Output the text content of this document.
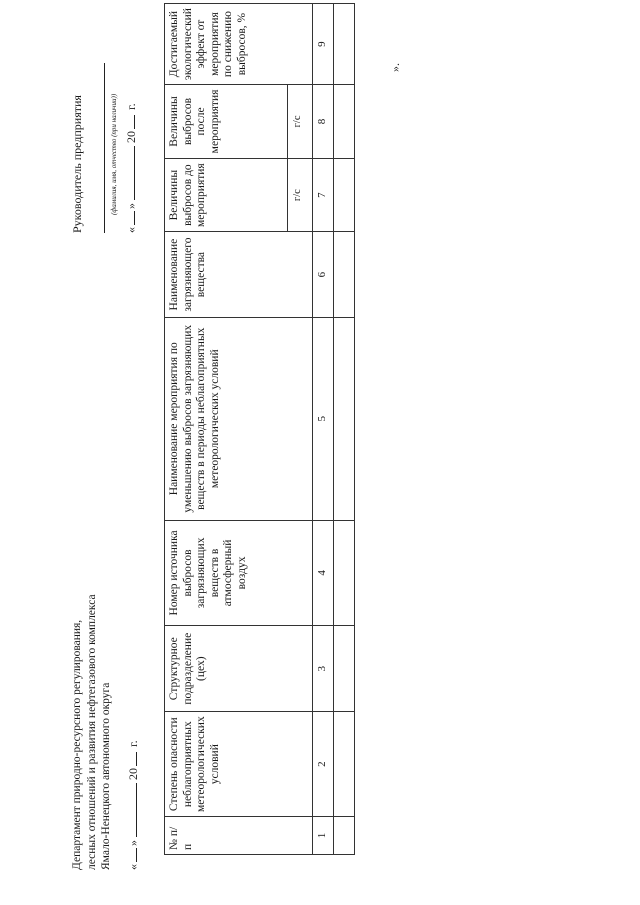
Департамент природно-ресурсного регулирования, лесных отношений и развития нефтегазового комплекса Ямало-Ненецкого автономного округа «»20 г.
Руководитель предприятия	(фамилия, имя, отчество (при наличии))
«»20 г.
№ п/п	Степень опасности неблагоприятных метеорологических условий	Структурное подразделение (цех)	Номер источника выбросов загрязняющих веществ в атмосферный воздух	Наименование мероприятия по уменьшению выбросов загрязняющих веществ в периоды неблагоприятных метеорологических условий	Наименование загрязняющего вещества	Величины выбросов до мероприятия	Величины выбросов после мероприятия	Достигаемый экологический эффект от мероприятия по снижению выбросов, %
						г/с	г/с	
1	2	3	4	5	6	7	8	9

».
